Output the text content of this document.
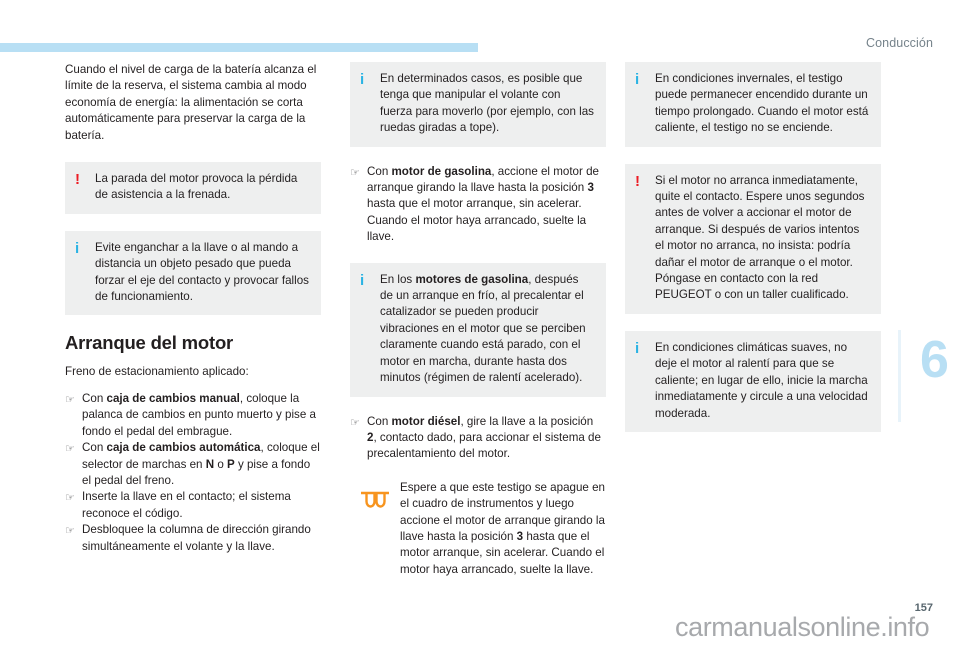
Conducción
6

Cuando el nivel de carga de la batería alcanza el límite de la reserva, el sistema cambia al modo economía de energía: la alimentación se corta automáticamente para preservar la carga de la batería.

!	La parada del motor provoca la pérdida de asistencia a la frenada.
i	Evite enganchar a la llave o al mando a distancia un objeto pesado que pueda forzar el eje del contacto y provocar fallos de funcionamiento.
Arranque del motor

Freno de estacionamiento aplicado:

☞ Con caja de cambios manual, coloque la palanca de cambios en punto muerto y pise a fondo el pedal del embrague.
☞ Con caja de cambios automática, coloque el selector de marchas en N o P y pise a fondo el pedal del freno.
☞ Inserte la llave en el contacto; el sistema reconoce el código.
☞ Desbloquee la columna de dirección girando simultáneamente el volante y la llave.
i	En determinados casos, es posible que tenga que manipular el volante con fuerza para moverlo (por ejemplo, con las ruedas giradas a tope).

☞ Con motor de gasolina, accione el motor de arranque girando la llave hasta la posición 3 hasta que el motor arranque, sin acelerar. Cuando el motor haya arrancado, suelte la llave.

i	En los motores de gasolina, después de un arranque en frío, al precalentar el catalizador se pueden producir vibraciones en el motor que se perciben claramente cuando está parado, con el motor en marcha, durante hasta dos minutos (régimen de ralentí acelerado).

☞ Con motor diésel, gire la llave a la posición 2, contacto dado, para accionar el sistema de precalentamiento del motor.

Espere a que este testigo se apague en el cuadro de instrumentos y luego accione el motor de arranque girando la llave hasta la posición 3 hasta que el motor arranque, sin acelerar. Cuando el motor haya arrancado, suelte la llave.
i	En condiciones invernales, el testigo puede permanecer encendido durante un tiempo prolongado. Cuando el motor está caliente, el testigo no se enciende.
!	Si el motor no arranca inmediatamente, quite el contacto. Espere unos segundos antes de volver a accionar el motor de arranque. Si después de varios intentos el motor no arranca, no insista: podría dañar el motor de arranque o el motor. Póngase en contacto con la red PEUGEOT o con un taller cualificado.
i	En condiciones climáticas suaves, no deje el motor al ralentí para que se caliente; en lugar de ello, inicie la marcha inmediatamente y circule a una velocidad moderada.
157
carmanualsonline.info
